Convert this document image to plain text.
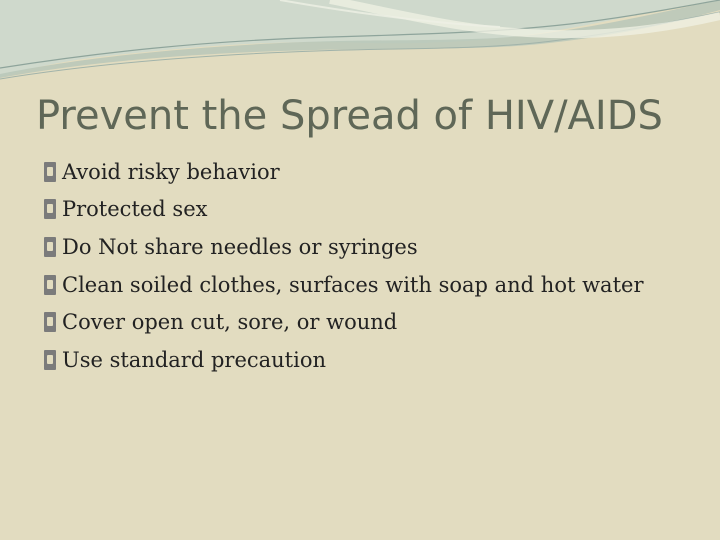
Prevent the Spread of HIV/AIDS
Avoid risky behavior
Protected sex
Do Not share needles or syringes
Clean soiled clothes, surfaces with soap and hot water
Cover open cut, sore, or wound
Use standard precaution
